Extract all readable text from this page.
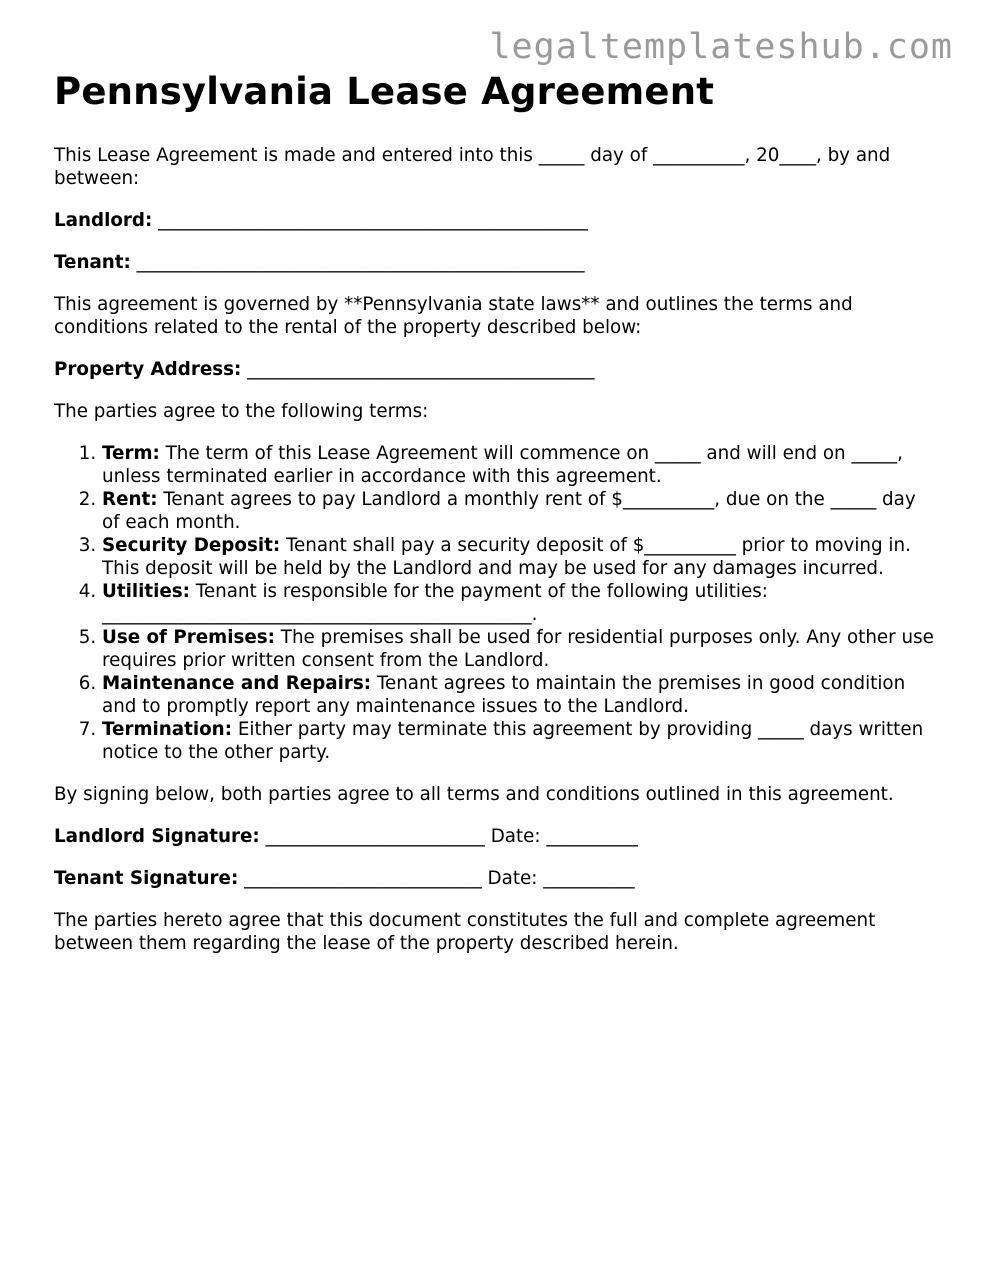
legaltemplateshub.com
Pennsylvania Lease Agreement

This Lease Agreement is made and entered into this _____ day of __________, 20____, by and between:

Landlord: _______________________________________________

Tenant: _________________________________________________

This agreement is governed by **Pennsylvania state laws** and outlines the terms and conditions related to the rental of the property described below:

Property Address: ______________________________________

The parties agree to the following terms:

1. Term: The term of this Lease Agreement will commence on _____ and will end on _____, unless terminated earlier in accordance with this agreement.
2. Rent: Tenant agrees to pay Landlord a monthly rent of $__________, due on the _____ day of each month.
3. Security Deposit: Tenant shall pay a security deposit of $__________ prior to moving in. This deposit will be held by the Landlord and may be used for any damages incurred.
4. Utilities: Tenant is responsible for the payment of the following utilities: _______________________________________________.
5. Use of Premises: The premises shall be used for residential purposes only. Any other use requires prior written consent from the Landlord.
6. Maintenance and Repairs: Tenant agrees to maintain the premises in good condition and to promptly report any maintenance issues to the Landlord.
7. Termination: Either party may terminate this agreement by providing _____ days written notice to the other party.

By signing below, both parties agree to all terms and conditions outlined in this agreement.

Landlord Signature: ________________________ Date: __________

Tenant Signature: __________________________ Date: __________

The parties hereto agree that this document constitutes the full and complete agreement between them regarding the lease of the property described herein.
